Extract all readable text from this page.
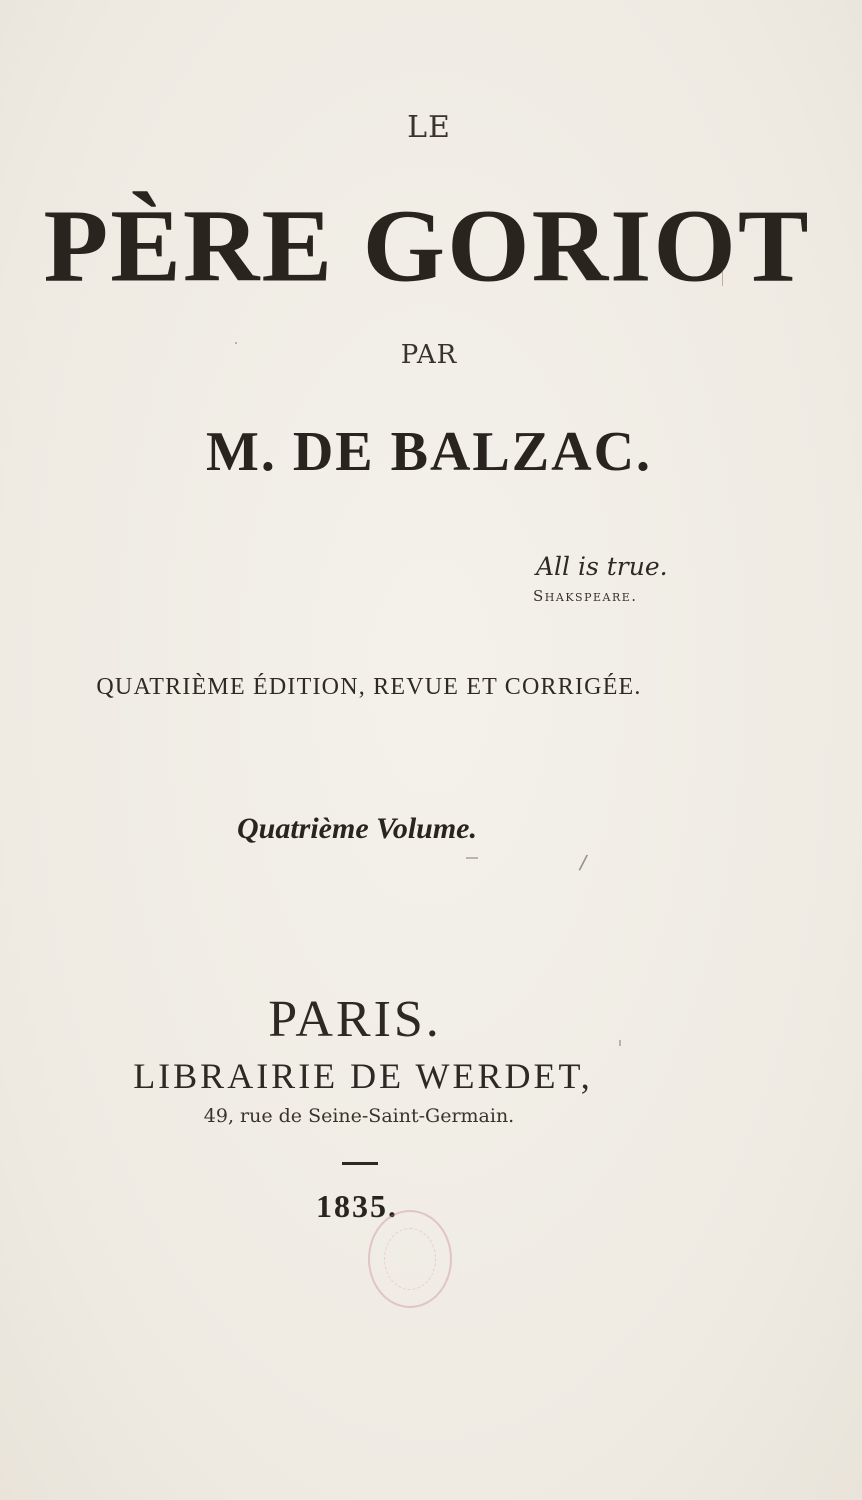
LE
PÈRE GORIOT
PAR
M. DE BALZAC.
All is true.
Shakspeare.
QUATRIÈME ÉDITION, REVUE ET CORRIGÉE.
Quatrième Volume.
PARIS.
LIBRAIRIE DE WERDET,
49, rue de Seine-Saint-Germain.
1835.
/
